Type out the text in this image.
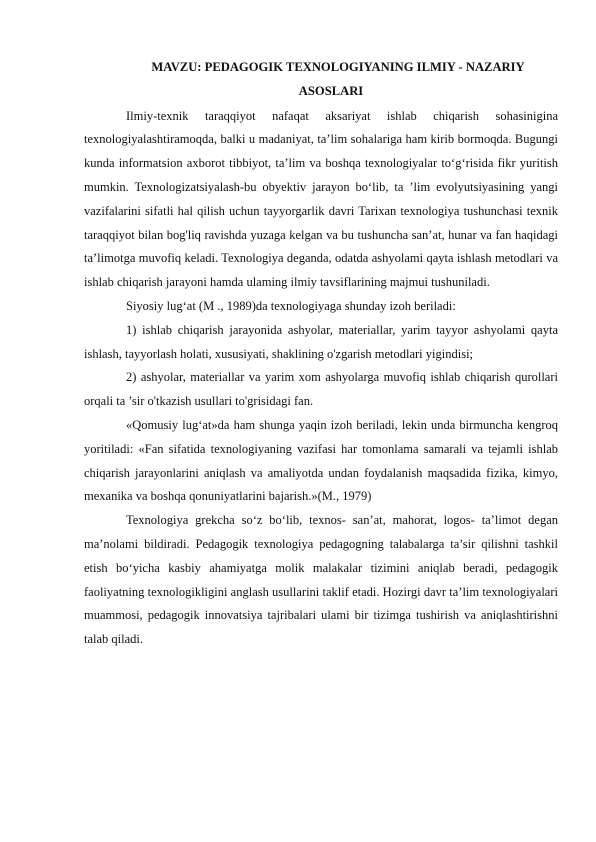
MAVZU: PEDAGOGIK TEXNOLOGIYANING ILMIY - NAZARIY
ASOSLARI

Ilmiy-texnik taraqqiyot nafaqat aksariyat ishlab chiqarish sohasinigina texnologiyalashtiramoqda, balki u madaniyat, ta’lim sohalariga ham kirib bormoqda. Bugungi kunda informatsion axborot tibbiyot, ta’lim va boshqa texnologiyalar to‘g‘risida fikr yuritish mumkin. Texnologizatsiyalash-bu obyektiv jarayon bo‘lib, ta ’lim evolyutsiyasining yangi vazifalarini sifatli hal qilish uchun tayyorgarlik davri Tarixan texnologiya tushunchasi texnik taraqqiyot bilan bog'liq ravishda yuzaga kelgan va bu tushuncha san’at, hunar va fan haqidagi ta’limotga muvofiq keladi. Texnologiya deganda, odatda ashyolami qayta ishlash metodlari va ishlab chiqarish jarayoni hamda ulaming ilmiy tavsiflarining majmui tushuniladi.

Siyosiy lug‘at (M ., 1989)da texnologiyaga shunday izoh beriladi:

1) ishlab chiqarish jarayonida ashyolar, materiallar, yarim tayyor ashyolami qayta ishlash, tayyorlash holati, xususiyati, shaklining o'zgarish metodlari yigindisi;

2) ashyolar, materiallar va yarim xom ashyolarga muvofiq ishlab chiqarish qurollari orqali ta ’sir o'tkazish usullari to'grisidagi fan.

«Qomusiy lug‘at»da ham shunga yaqin izoh beriladi, lekin unda birmuncha kengroq yoritiladi: «Fan sifatida texnologiyaning vazifasi har tomonlama samarali va tejamli ishlab chiqarish jarayonlarini aniqlash va amaliyotda undan foydalanish maqsadida fizika, kimyo, mexanika va boshqa qonuniyatlarini bajarish.»(M., 1979)

Texnologiya grekcha so‘z bo‘lib, texnos- san’at, mahorat, logos- ta’limot degan ma’nolami bildiradi. Pedagogik texnologiya pedagogning talabalarga ta’sir qilishni tashkil etish bo‘yicha kasbiy ahamiyatga molik malakalar tizimini aniqlab beradi, pedagogik faoliyatning texnologikligini anglash usullarini taklif etadi. Hozirgi davr ta’lim texnologiyalari muammosi, pedagogik innovatsiya tajribalari ulami bir tizimga tushirish va aniqlashtirishni talab qiladi.
